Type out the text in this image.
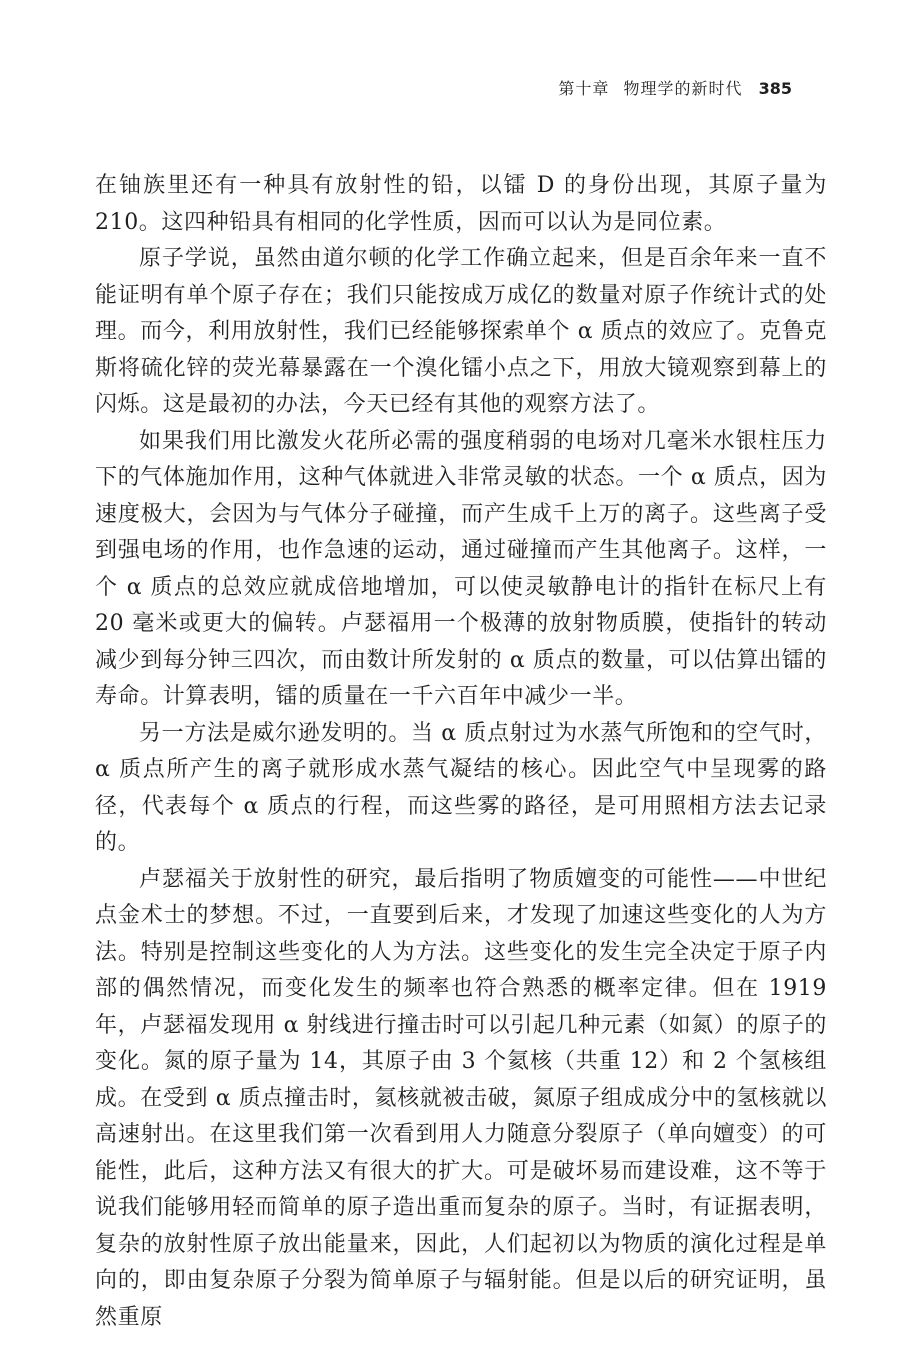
第十章 物理学的新时代 385

在铀族里还有一种具有放射性的铅，以镭 D 的身份出现，其原子量为 210。这四种铅具有相同的化学性质，因而可以认为是同位素。

原子学说，虽然由道尔顿的化学工作确立起来，但是百余年来一直不能证明有单个原子存在；我们只能按成万成亿的数量对原子作统计式的处理。而今，利用放射性，我们已经能够探索单个 α 质点的效应了。克鲁克斯将硫化锌的荧光幕暴露在一个溴化镭小点之下，用放大镜观察到幕上的闪烁。这是最初的办法，今天已经有其他的观察方法了。

如果我们用比激发火花所必需的强度稍弱的电场对几毫米水银柱压力下的气体施加作用，这种气体就进入非常灵敏的状态。一个 α 质点，因为速度极大，会因为与气体分子碰撞，而产生成千上万的离子。这些离子受到强电场的作用，也作急速的运动，通过碰撞而产生其他离子。这样，一个 α 质点的总效应就成倍地增加，可以使灵敏静电计的指针在标尺上有 20 毫米或更大的偏转。卢瑟福用一个极薄的放射物质膜，使指针的转动减少到每分钟三四次，而由数计所发射的 α 质点的数量，可以估算出镭的寿命。计算表明，镭的质量在一千六百年中减少一半。

另一方法是威尔逊发明的。当 α 质点射过为水蒸气所饱和的空气时，α 质点所产生的离子就形成水蒸气凝结的核心。因此空气中呈现雾的路径，代表每个 α 质点的行程，而这些雾的路径，是可用照相方法去记录的。

卢瑟福关于放射性的研究，最后指明了物质嬗变的可能性——中世纪点金术士的梦想。不过，一直要到后来，才发现了加速这些变化的人为方法。特别是控制这些变化的人为方法。这些变化的发生完全决定于原子内部的偶然情况，而变化发生的频率也符合熟悉的概率定律。但在 1919 年，卢瑟福发现用 α 射线进行撞击时可以引起几种元素（如氮）的原子的变化。氮的原子量为 14，其原子由 3 个氦核（共重 12）和 2 个氢核组成。在受到 α 质点撞击时，氦核就被击破，氮原子组成成分中的氢核就以高速射出。在这里我们第一次看到用人力随意分裂原子（单向嬗变）的可能性，此后，这种方法又有很大的扩大。可是破坏易而建设难，这不等于说我们能够用轻而简单的原子造出重而复杂的原子。当时，有证据表明，复杂的放射性原子放出能量来，因此，人们起初以为物质的演化过程是单向的，即由复杂原子分裂为简单原子与辐射能。但是以后的研究证明，虽然重原
